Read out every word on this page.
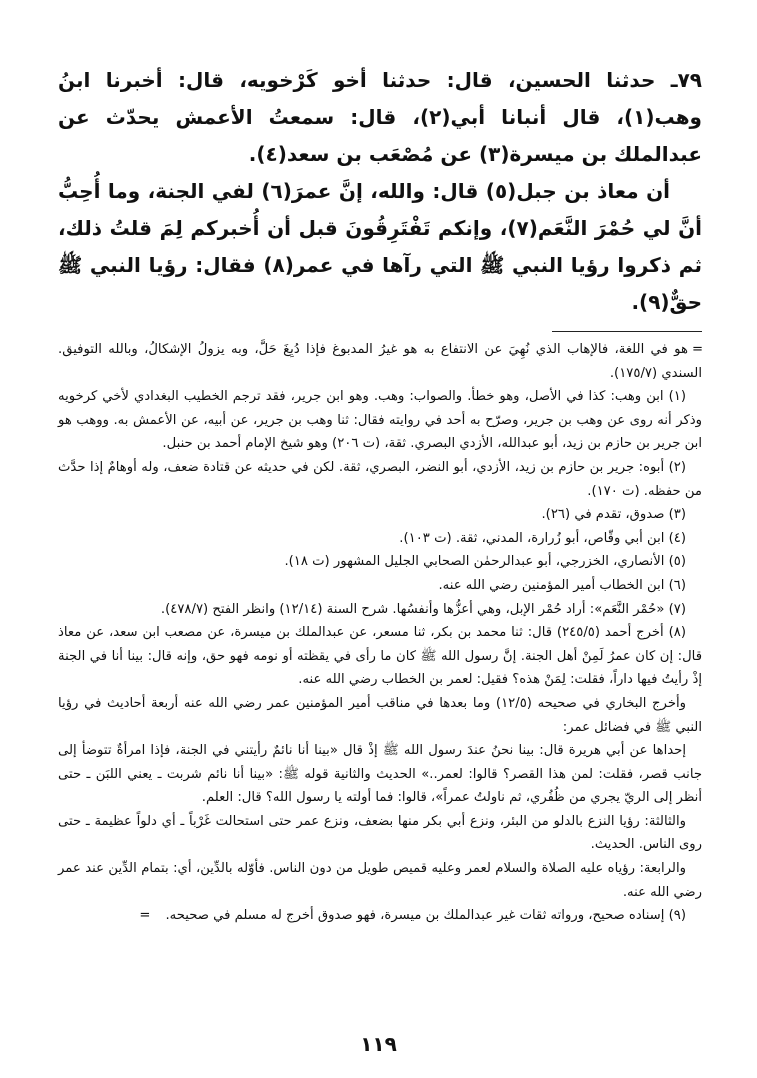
٧٩ـ حدثنا الحسين، قال: حدثنا أخو كَرْخويه، قال: أخبرنا ابنُ وهب(١)، قال أنبانا أبي(٢)، قال: سمعتُ الأعمش يحدّث عن عبدالملك بن ميسرة(٣) عن مُصْعَب بن سعد(٤).

أن معاذ بن جبل(٥) قال: والله، إنَّ عمرَ(٦) لفي الجنة، وما أُحِبُّ أنَّ لي حُمْرَ النَّعَم(٧)، وإنكم تَفْتَرِقُونَ قبل أن أُخبركم لِمَ قلتُ ذلك، ثم ذكروا رؤيا النبي ﷺ التي رآها في عمر(٨) فقال: رؤيا النبي ﷺ حقٌّ(٩).

=هو في اللغة، فالإهاب الذي نُهِيَ عن الانتفاع به هو غيرُ المدبوغ فإذا دُبِغَ حَلَّ، وبه يزولُ الإشكالُ، وبالله التوفيق. السندي (١٧٥/٧).

(١) ابن وهب: كذا في الأصل، وهو خطأ. والصواب: وهب. وهو ابن جرير، فقد ترجم الخطيب البغدادي لأخي كرخويه وذكر أنه روى عن وهب بن جرير، وصرّح به أحد في روايته فقال: ثنا وهب بن جرير، عن أبيه، عن الأعمش به. ووهب هو ابن جرير بن حازم بن زيد، أبو عبدالله، الأزدي البصري. ثقة، (ت ٢٠٦) وهو شيخ الإمام أحمد بن حنبل.

(٢) أبوه: جرير بن حازم بن زيد، الأزدي، أبو النضر، البصري، ثقة. لكن في حديثه عن قتادة ضعف، وله أوهامٌ إذا حدَّث من حفظه. (ت ١٧٠).

(٣) صدوق، تقدم في (٢٦).

(٤) ابن أبي وقّاص، أبو زُرارة، المدني، ثقة. (ت ١٠٣).

(٥) الأنصاري، الخزرجي، أبو عبدالرحمٰن الصحابي الجليل المشهور (ت ١٨).

(٦) ابن الخطاب أمير المؤمنين رضي الله عنه.

(٧) «حُمْر النَّعَم»: أراد حُمْر الإبل، وهي أعزُّها وأنفسُها. شرح السنة (١٢/١٤) وانظر الفتح (٤٧٨/٧).

(٨) أخرج أحمد (٢٤٥/٥) قال: ثنا محمد بن بكر، ثنا مسعر، عن عبدالملك بن ميسرة، عن مصعب ابن سعد، عن معاذ قال: إن كان عمرُ لَمِنْ أهل الجنة. إنَّ رسول الله ﷺ كان ما رأى في يقظته أو نومه فهو حق، وإنه قال: بينا أنا في الجنة إذْ رأيتُ فيها داراً، فقلت: لِمَنْ هذه؟ فقيل: لعمر بن الخطاب رضي الله عنه.

وأخرج البخاري في صحيحه (١٢/٥) وما بعدها في مناقب أمير المؤمنين عمر رضي الله عنه أربعة أحاديث في رؤيا النبي ﷺ في فضائل عمر:

إحداها عن أبي هريرة قال: بينا نحنُ عندَ رسول الله ﷺ إذْ قال «بينا أنا نائمٌ رأيتني في الجنة، فإذا امرأةٌ تتوضأ إلى جانب قصر، فقلت: لمن هذا القصر؟ قالوا: لعمر..» الحديث والثانية قوله ﷺ: «بينا أنا نائم شربت ـ يعني اللبَن ـ حتى أنظر إلى الريّ يجري من ظُفُري، ثم ناولتُ عمراً»، قالوا: فما أولته يا رسول الله؟ قال: العلم.

والثالثة: رؤيا النزع بالدلو من البئر، ونزع أبي بكر منها بضعف، ونزع عمر حتى استحالت غَرْباً ـ أي دلواً عظيمة ـ حتى روى الناس. الحديث.

والرابعة: رؤياه عليه الصلاة والسلام لعمر وعليه قميص طويل من دون الناس. فأوّله بالدِّين، أي: بتمام الدِّين عند عمر رضي الله عنه.

(٩) إسناده صحيح، ورواته ثقات غير عبدالملك بن ميسرة، فهو صدوق أخرج له مسلم في صحيحه.=

١١٩
